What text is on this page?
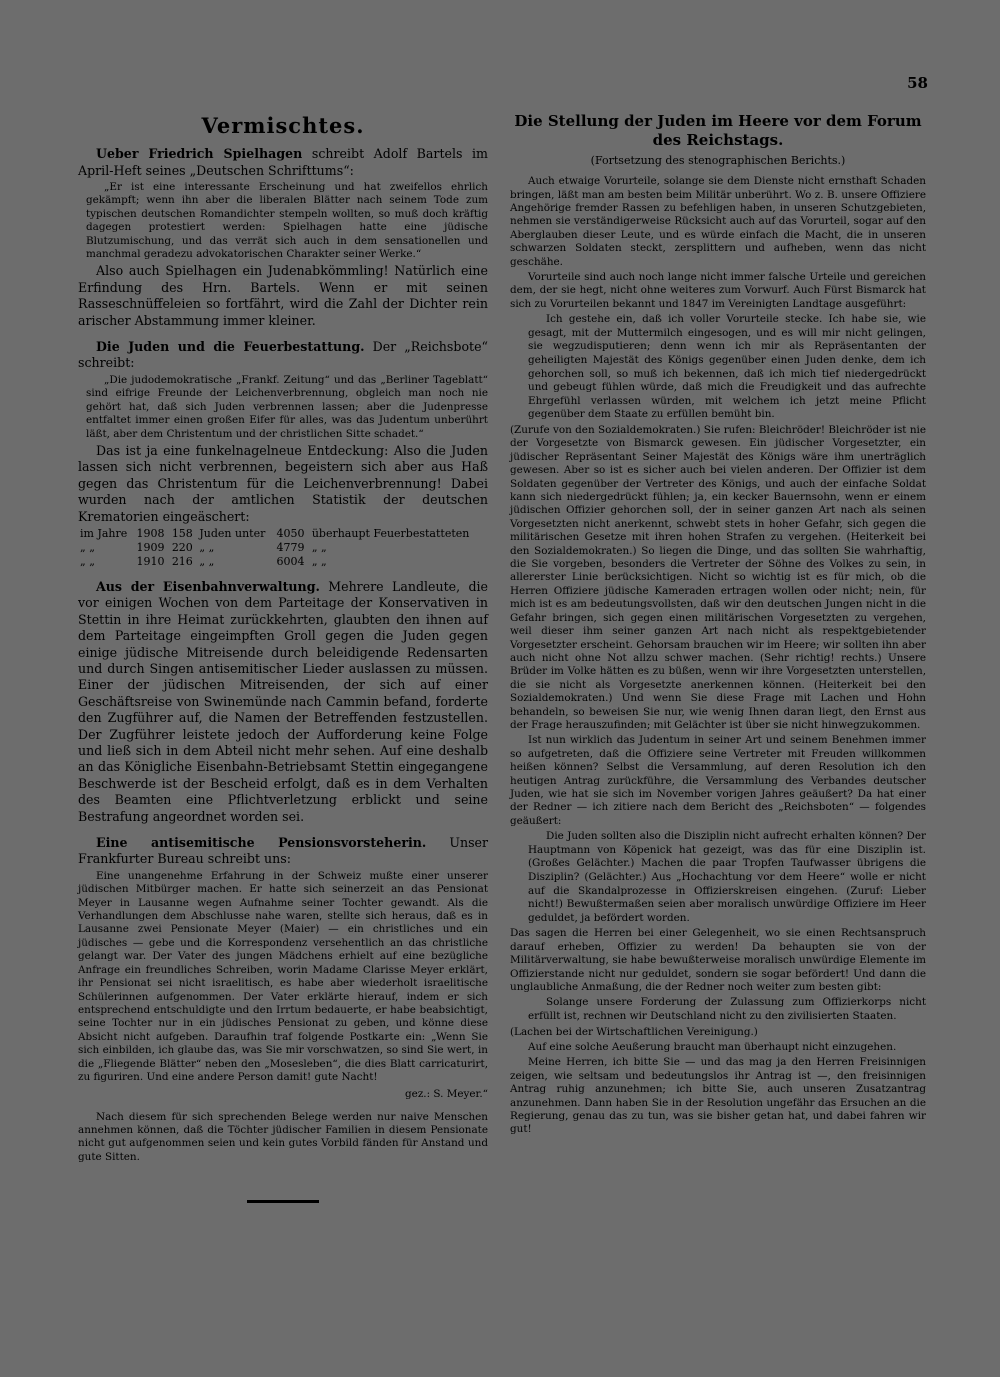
58
Vermischtes.

Ueber Friedrich Spielhagen schreibt Adolf Bartels im April-Heft seines „Deutschen Schrifttums“:

„Er ist eine interessante Erscheinung und hat zweifellos ehrlich gekämpft; wenn ihn aber die liberalen Blätter nach seinem Tode zum typischen deutschen Romandichter stempeln wollten, so muß doch kräftig dagegen protestiert werden: Spielhagen hatte eine jüdische Blutzumischung, und das verrät sich auch in dem sensationellen und manchmal geradezu advokatorischen Charakter seiner Werke.“

Also auch Spielhagen ein Judenabkömmling! Natürlich eine Erfindung des Hrn. Bartels. Wenn er mit seinen Rasseschnüffeleien so fortfährt, wird die Zahl der Dichter rein arischer Abstammung immer kleiner.

Die Juden und die Feuerbestattung. Der „Reichsbote“ schreibt:

„Die judodemokratische „Frankf. Zeitung“ und das „Berliner Tageblatt“ sind eifrige Freunde der Leichenverbrennung, obgleich man noch nie gehört hat, daß sich Juden verbrennen lassen; aber die Judenpresse entfaltet immer einen großen Eifer für alles, was das Judentum unberührt läßt, aber dem Christentum und der christlichen Sitte schadet.“

Das ist ja eine funkelnagelneue Entdeckung: Also die Juden lassen sich nicht verbrennen, begeistern sich aber aus Haß gegen das Christentum für die Leichenverbrennung! Dabei wurden nach der amtlichen Statistik der deutschen Krematorien eingeäschert:

im Jahre	1908	158	Juden unter	4050	überhaupt Feuerbestatteten
„ „	1909	220	„ „	4779	„ „
„ „	1910	216	„ „	6004	„ „

Aus der Eisenbahnverwaltung. Mehrere Landleute, die vor einigen Wochen von dem Parteitage der Konservativen in Stettin in ihre Heimat zurückkehrten, glaubten den ihnen auf dem Parteitage eingeimpften Groll gegen die Juden gegen einige jüdische Mitreisende durch beleidigende Redensarten und durch Singen antisemitischer Lieder auslassen zu müssen. Einer der jüdischen Mitreisenden, der sich auf einer Geschäftsreise von Swinemünde nach Cammin befand, forderte den Zugführer auf, die Namen der Betreffenden festzustellen. Der Zugführer leistete jedoch der Aufforderung keine Folge und ließ sich in dem Abteil nicht mehr sehen. Auf eine deshalb an das Königliche Eisenbahn-Betriebsamt Stettin eingegangene Beschwerde ist der Bescheid erfolgt, daß es in dem Verhalten des Beamten eine Pflichtverletzung erblickt und seine Bestrafung angeordnet worden sei.

Eine antisemitische Pensionsvorsteherin. Unser Frankfurter Bureau schreibt uns:

Eine unangenehme Erfahrung in der Schweiz mußte einer unserer jüdischen Mitbürger machen. Er hatte sich seinerzeit an das Pensionat Meyer in Lausanne wegen Aufnahme seiner Tochter gewandt. Als die Verhandlungen dem Abschlusse nahe waren, stellte sich heraus, daß es in Lausanne zwei Pensionate Meyer (Maier) — ein christliches und ein jüdisches — gebe und die Korrespondenz versehentlich an das christliche gelangt war. Der Vater des jungen Mädchens erhielt auf eine bezügliche Anfrage ein freundliches Schreiben, worin Madame Clarisse Meyer erklärt, ihr Pensionat sei nicht israelitisch, es habe aber wiederholt israelitische Schülerinnen aufgenommen. Der Vater erklärte hierauf, indem er sich entsprechend entschuldigte und den Irrtum bedauerte, er habe beabsichtigt, seine Tochter nur in ein jüdisches Pensionat zu geben, und könne diese Absicht nicht aufgeben. Daraufhin traf folgende Postkarte ein: „Wenn Sie sich einbilden, ich glaube das, was Sie mir vorschwatzen, so sind Sie wert, in die „Fliegende Blätter“ neben den „Mosesleben“, die dies Blatt carricaturirt, zu figuriren. Und eine andere Person damit! gute Nacht!

gez.: S. Meyer.“

Nach diesem für sich sprechenden Belege werden nur naive Menschen annehmen können, daß die Töchter jüdischer Familien in diesem Pensionate nicht gut aufgenommen seien und kein gutes Vorbild fänden für Anstand und gute Sitten.

Die Stellung der Juden im Heere vor dem Forum des Reichstags.
(Fortsetzung des stenographischen Berichts.)

Auch etwaige Vorurteile, solange sie dem Dienste nicht ernsthaft Schaden bringen, läßt man am besten beim Militär unberührt. Wo z. B. unsere Offiziere Angehörige fremder Rassen zu befehligen haben, in unseren Schutzgebieten, nehmen sie verständigerweise Rücksicht auch auf das Vorurteil, sogar auf den Aberglauben dieser Leute, und es würde einfach die Macht, die in unseren schwarzen Soldaten steckt, zersplittern und aufheben, wenn das nicht geschähe.

Vorurteile sind auch noch lange nicht immer falsche Urteile und gereichen dem, der sie hegt, nicht ohne weiteres zum Vorwurf. Auch Fürst Bismarck hat sich zu Vorurteilen bekannt und 1847 im Vereinigten Landtage ausgeführt:

Ich gestehe ein, daß ich voller Vorurteile stecke. Ich habe sie, wie gesagt, mit der Muttermilch eingesogen, und es will mir nicht gelingen, sie wegzudisputieren; denn wenn ich mir als Repräsentanten der geheiligten Majestät des Königs gegenüber einen Juden denke, dem ich gehorchen soll, so muß ich bekennen, daß ich mich tief niedergedrückt und gebeugt fühlen würde, daß mich die Freudigkeit und das aufrechte Ehrgefühl verlassen würden, mit welchem ich jetzt meine Pflicht gegenüber dem Staate zu erfüllen bemüht bin.

(Zurufe von den Sozialdemokraten.) Sie rufen: Bleichröder! Bleichröder ist nie der Vorgesetzte von Bismarck gewesen. Ein jüdischer Vorgesetzter, ein jüdischer Repräsentant Seiner Majestät des Königs wäre ihm unerträglich gewesen. Aber so ist es sicher auch bei vielen anderen. Der Offizier ist dem Soldaten gegenüber der Vertreter des Königs, und auch der einfache Soldat kann sich niedergedrückt fühlen; ja, ein kecker Bauernsohn, wenn er einem jüdischen Offizier gehorchen soll, der in seiner ganzen Art nach als seinen Vorgesetzten nicht anerkennt, schwebt stets in hoher Gefahr, sich gegen die militärischen Gesetze mit ihren hohen Strafen zu vergehen. (Heiterkeit bei den Sozialdemokraten.) So liegen die Dinge, und das sollten Sie wahrhaftig, die Sie vorgeben, besonders die Vertreter der Söhne des Volkes zu sein, in allererster Linie berücksichtigen. Nicht so wichtig ist es für mich, ob die Herren Offiziere jüdische Kameraden ertragen wollen oder nicht; nein, für mich ist es am bedeutungsvollsten, daß wir den deutschen Jungen nicht in die Gefahr bringen, sich gegen einen militärischen Vorgesetzten zu vergehen, weil dieser ihm seiner ganzen Art nach nicht als respektgebietender Vorgesetzter erscheint. Gehorsam brauchen wir im Heere; wir sollten ihn aber auch nicht ohne Not allzu schwer machen. (Sehr richtig! rechts.) Unsere Brüder im Volke hätten es zu büßen, wenn wir ihre Vorgesetzten unterstellen, die sie nicht als Vorgesetzte anerkennen können. (Heiterkeit bei den Sozialdemokraten.) Und wenn Sie diese Frage mit Lachen und Hohn behandeln, so beweisen Sie nur, wie wenig Ihnen daran liegt, den Ernst aus der Frage herauszufinden; mit Gelächter ist über sie nicht hinwegzukommen.

Ist nun wirklich das Judentum in seiner Art und seinem Benehmen immer so aufgetreten, daß die Offiziere seine Vertreter mit Freuden willkommen heißen können? Selbst die Versammlung, auf deren Resolution ich den heutigen Antrag zurückführe, die Versammlung des Verbandes deutscher Juden, wie hat sie sich im November vorigen Jahres geäußert? Da hat einer der Redner — ich zitiere nach dem Bericht des „Reichsboten“ — folgendes geäußert:

Die Juden sollten also die Disziplin nicht aufrecht erhalten können? Der Hauptmann von Köpenick hat gezeigt, was das für eine Disziplin ist. (Großes Gelächter.) Machen die paar Tropfen Taufwasser übrigens die Disziplin? (Gelächter.) Aus „Hochachtung vor dem Heere“ wolle er nicht auf die Skandalprozesse in Offizierskreisen eingehen. (Zuruf: Lieber nicht!) Bewußtermaßen seien aber moralisch unwürdige Offiziere im Heer geduldet, ja befördert worden.

Das sagen die Herren bei einer Gelegenheit, wo sie einen Rechtsanspruch darauf erheben, Offizier zu werden! Da behaupten sie von der Militärverwaltung, sie habe bewußterweise moralisch unwürdige Elemente im Offizierstande nicht nur geduldet, sondern sie sogar befördert! Und dann die unglaubliche Anmaßung, die der Redner noch weiter zum besten gibt:

Solange unsere Forderung der Zulassung zum Offizierkorps nicht erfüllt ist, rechnen wir Deutschland nicht zu den zivilisierten Staaten.

(Lachen bei der Wirtschaftlichen Vereinigung.)

Auf eine solche Aeußerung braucht man überhaupt nicht einzugehen.

Meine Herren, ich bitte Sie — und das mag ja den Herren Freisinnigen zeigen, wie seltsam und bedeutungslos ihr Antrag ist —, den freisinnigen Antrag ruhig anzunehmen; ich bitte Sie, auch unseren Zusatzantrag anzunehmen. Dann haben Sie in der Resolution ungefähr das Ersuchen an die Regierung, genau das zu tun, was sie bisher getan hat, und dabei fahren wir gut!
